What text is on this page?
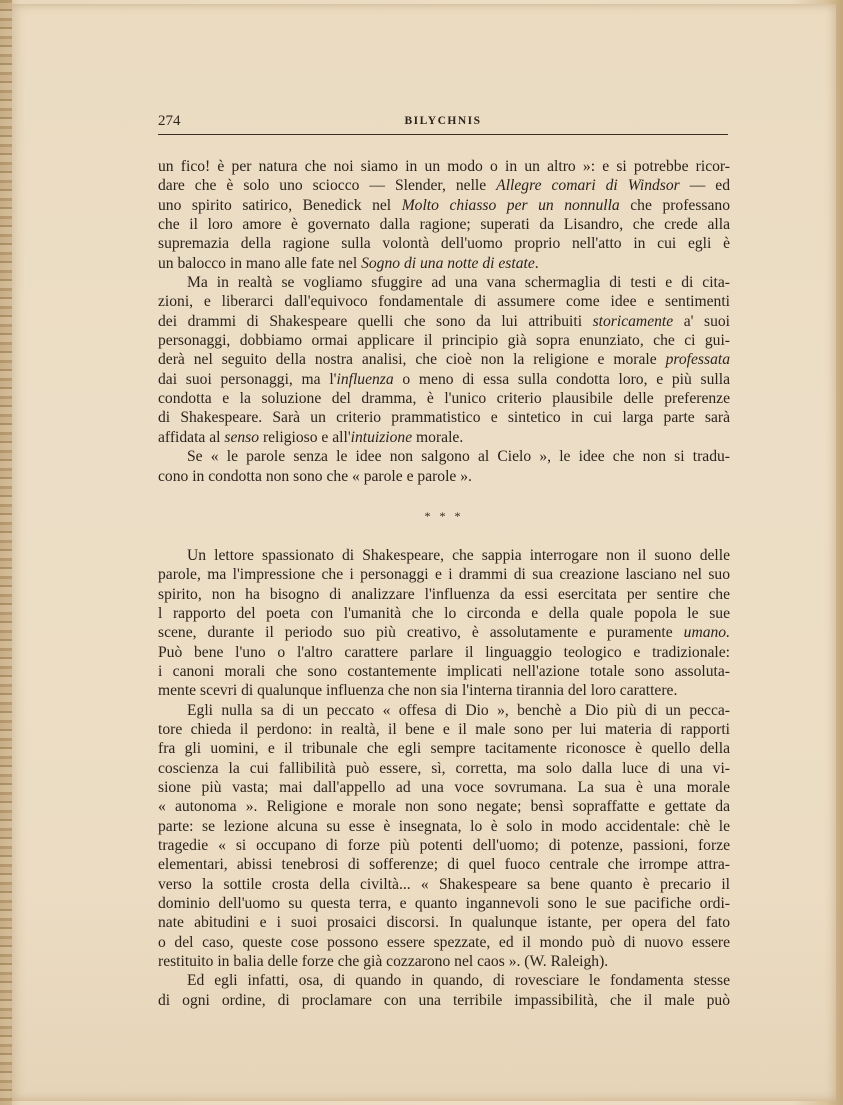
274	BILYCHNIS
un fico! è per natura che noi siamo in un modo o in un altro »: e si potrebbe ricor-
dare che è solo uno sciocco — Slender, nelle Allegre comari di Windsor — ed
uno spirito satirico, Benedick nel Molto chiasso per un nonnulla che professano
che il loro amore è governato dalla ragione; superati da Lisandro, che crede alla
supremazia della ragione sulla volontà dell'uomo proprio nell'atto in cui egli è
un balocco in mano alle fate nel Sogno di una notte di estate.
Ma in realtà se vogliamo sfuggire ad una vana schermaglia di testi e di cita-
zioni, e liberarci dall'equivoco fondamentale di assumere come idee e sentimenti
dei drammi di Shakespeare quelli che sono da lui attribuiti storicamente a' suoi
personaggi, dobbiamo ormai applicare il principio già sopra enunziato, che ci gui-
derà nel seguito della nostra analisi, che cioè non la religione e morale professata
dai suoi personaggi, ma l'influenza o meno di essa sulla condotta loro, e più sulla
condotta e la soluzione del dramma, è l'unico criterio plausibile delle preferenze
di Shakespeare. Sarà un criterio prammatistico e sintetico in cui larga parte sarà
affidata al senso religioso e all'intuizione morale.
Se « le parole senza le idee non salgono al Cielo », le idee che non si tradu-
cono in condotta non sono che « parole e parole ».
* * *
Un lettore spassionato di Shakespeare, che sappia interrogare non il suono delle
parole, ma l'impressione che i personaggi e i drammi di sua creazione lasciano nel suo
spirito, non ha bisogno di analizzare l'influenza da essi esercitata per sentire che
l rapporto del poeta con l'umanità che lo circonda e della quale popola le sue
scene, durante il periodo suo più creativo, è assolutamente e puramente umano.
Può bene l'uno o l'altro carattere parlare il linguaggio teologico e tradizionale:
i canoni morali che sono costantemente implicati nell'azione totale sono assoluta-
mente scevri di qualunque influenza che non sia l'interna tirannia del loro carattere.
Egli nulla sa di un peccato « offesa di Dio », benchè a Dio più di un pecca-
tore chieda il perdono: in realtà, il bene e il male sono per lui materia di rapporti
fra gli uomini, e il tribunale che egli sempre tacitamente riconosce è quello della
coscienza la cui fallibilità può essere, sì, corretta, ma solo dalla luce di una vi-
sione più vasta; mai dall'appello ad una voce sovrumana. La sua è una morale
« autonoma ». Religione e morale non sono negate; bensì sopraffatte e gettate da
parte: se lezione alcuna su esse è insegnata, lo è solo in modo accidentale: chè le
tragedie « si occupano di forze più potenti dell'uomo; di potenze, passioni, forze
elementari, abissi tenebrosi di sofferenze; di quel fuoco centrale che irrompe attra-
verso la sottile crosta della civiltà... « Shakespeare sa bene quanto è precario il
dominio dell'uomo su questa terra, e quanto ingannevoli sono le sue pacifiche ordi-
nate abitudini e i suoi prosaici discorsi. In qualunque istante, per opera del fato
o del caso, queste cose possono essere spezzate, ed il mondo può di nuovo essere
restituito in balia delle forze che già cozzarono nel caos ». (W. Raleigh).
Ed egli infatti, osa, di quando in quando, di rovesciare le fondamenta stesse
di ogni ordine, di proclamare con una terribile impassibilità, che il male può
